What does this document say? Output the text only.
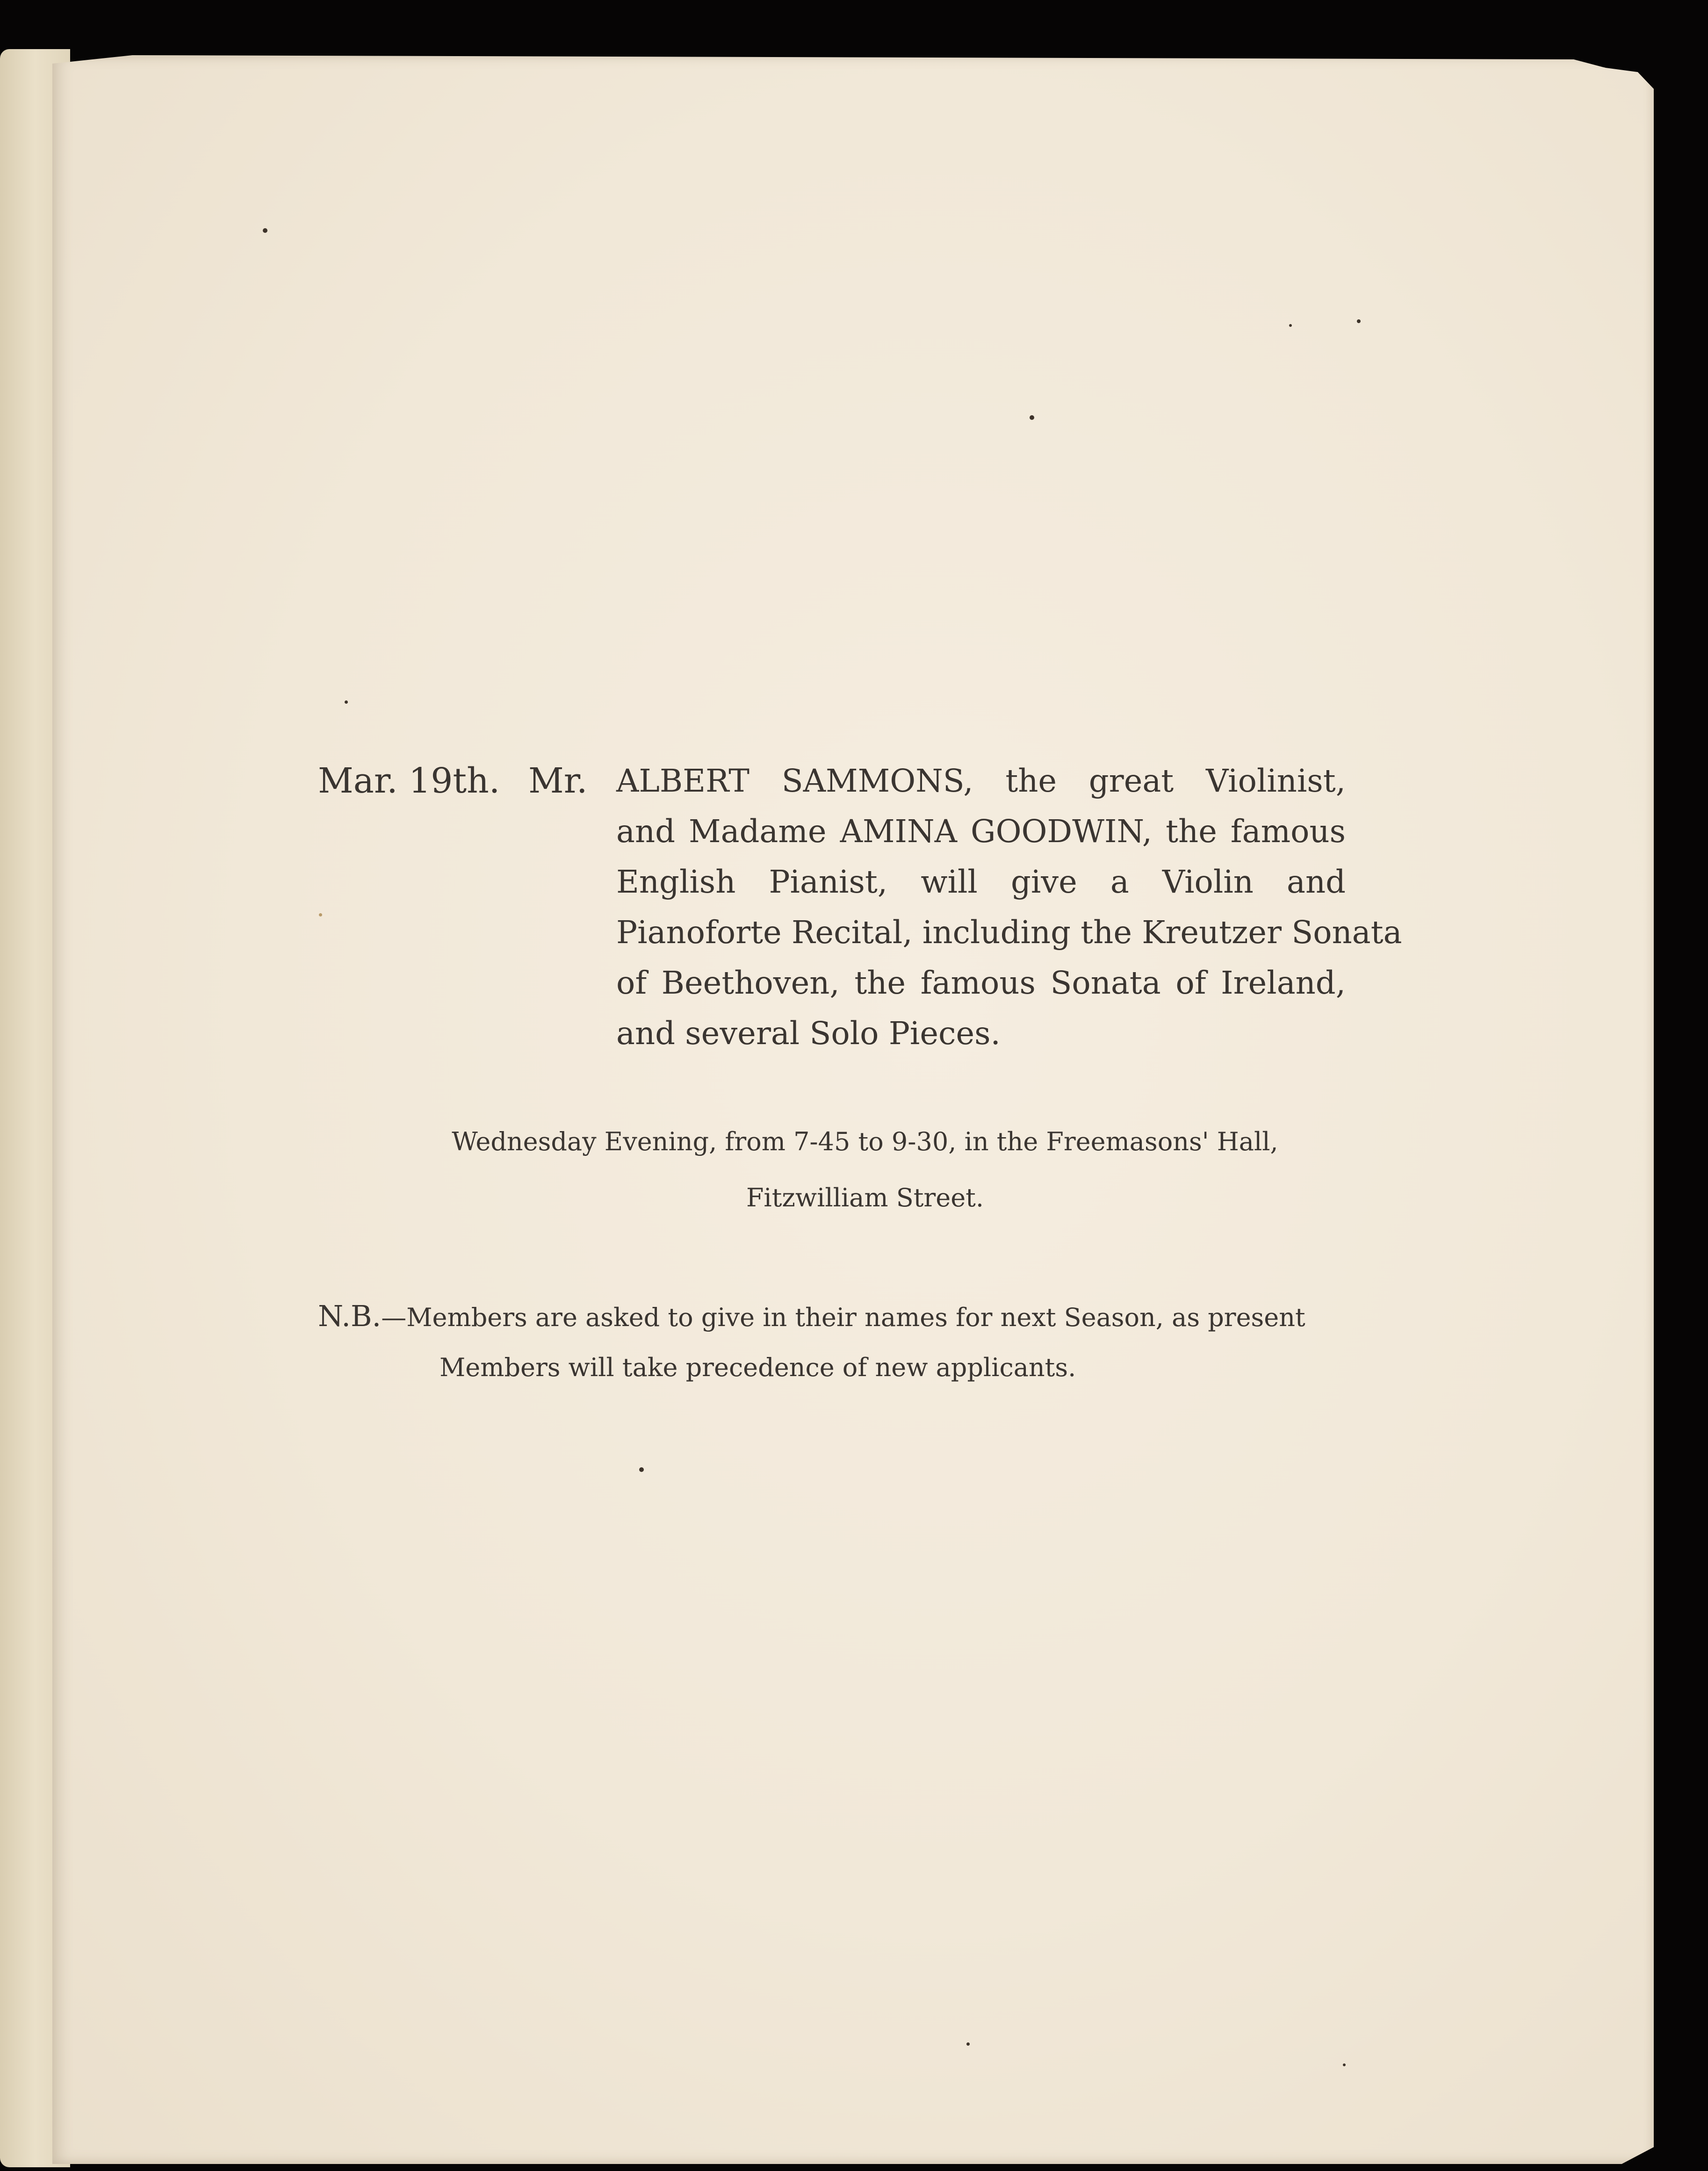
Mar. 19th. Mr. ALBERT SAMMONS, the great Violinist,
and Madame AMINA GOODWIN, the famous
English Pianist, will give a Violin and
Pianoforte Recital, including the Kreutzer Sonata
of Beethoven, the famous Sonata of Ireland,
and several Solo Pieces.
Wednesday Evening, from 7-45 to 9-30, in the Freemasons' Hall,
Fitzwilliam Street.
N.B.—Members are asked to give in their names for next Season, as present
Members will take precedence of new applicants.
